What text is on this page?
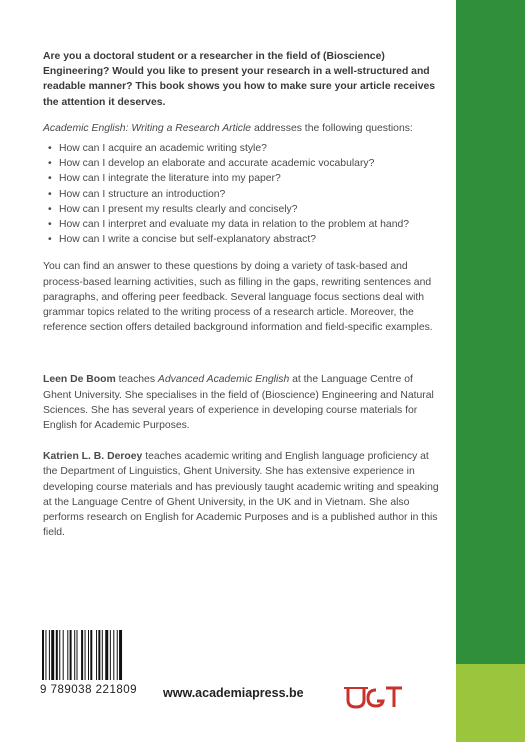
Are you a doctoral student or a researcher in the field of (Bioscience) Engineering? Would you like to present your research in a well-structured and readable manner? This book shows you how to make sure your article receives the attention it deserves.

Academic English: Writing a Research Article addresses the following questions:

• How can I acquire an academic writing style?
• How can I develop an elaborate and accurate academic vocabulary?
• How can I integrate the literature into my paper?
• How can I structure an introduction?
• How can I present my results clearly and concisely?
• How can I interpret and evaluate my data in relation to the problem at hand?
• How can I write a concise but self-explanatory abstract?

You can find an answer to these questions by doing a variety of task-based and process-based learning activities, such as filling in the gaps, rewriting sentences and paragraphs, and offering peer feedback. Several language focus sections deal with grammar topics related to the writing process of a research article. Moreover, the reference section offers detailed background information and field-specific examples.

Leen De Boom teaches Advanced Academic English at the Language Centre of Ghent University. She specialises in the field of (Bioscience) Engineering and Natural Sciences. She has several years of experience in developing course materials for English for Academic Purposes.

Katrien L. B. Deroey teaches academic writing and English language proficiency at the Department of Linguistics, Ghent University. She has extensive experience in developing course materials and has previously taught academic writing and speaking at the Language Centre of Ghent University, in the UK and in Vietnam. She also performs research on English for Academic Purposes and is a published author in this field.

9 789038 221809	www.academiapress.be
